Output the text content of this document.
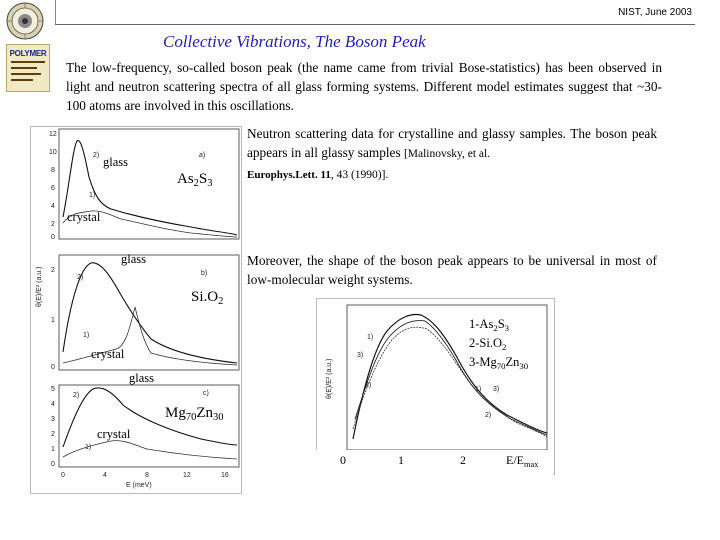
NIST, June 2003
POLYMER
Collective Vibrations, The Boson Peak
The low-frequency, so-called boson peak (the name came from trivial Bose-statistics) has been observed in light and neutron scattering spectra of all glass forming systems. Different model estimates suggest that ~30-100 atoms are involved in this oscillations.
12
10
8
6
4
2
0
2)
1)
a)
2
1
0
2)
1)
b)
θ(E)/E² (a.u.)
5
4
3
2
1
0
2)
1)
c)
0	4	8	12	16
E (meV)
glass
$As_2S_3$
crystal
glass
$Si.O_2$
crystal
glass
$Mg_{70}Zn_{30}$
crystal
Neutron scattering data for crystalline and glassy samples. The boson peak appears in all glassy samples [Malinovsky, et al.
Europhys.Lett. 11, 43 (1990)].
Moreover, the shape of the boson peak appears to be universal in most of low-molecular weight systems.
θ(E)/E² (a.u.)
1)
3)
2)
1) 3)
2)
$1-As_2S_3$
$2-Si.O_2$
$3-Mg_{70}Zn_{30}$
0	1	2	$E/E_{max}$
